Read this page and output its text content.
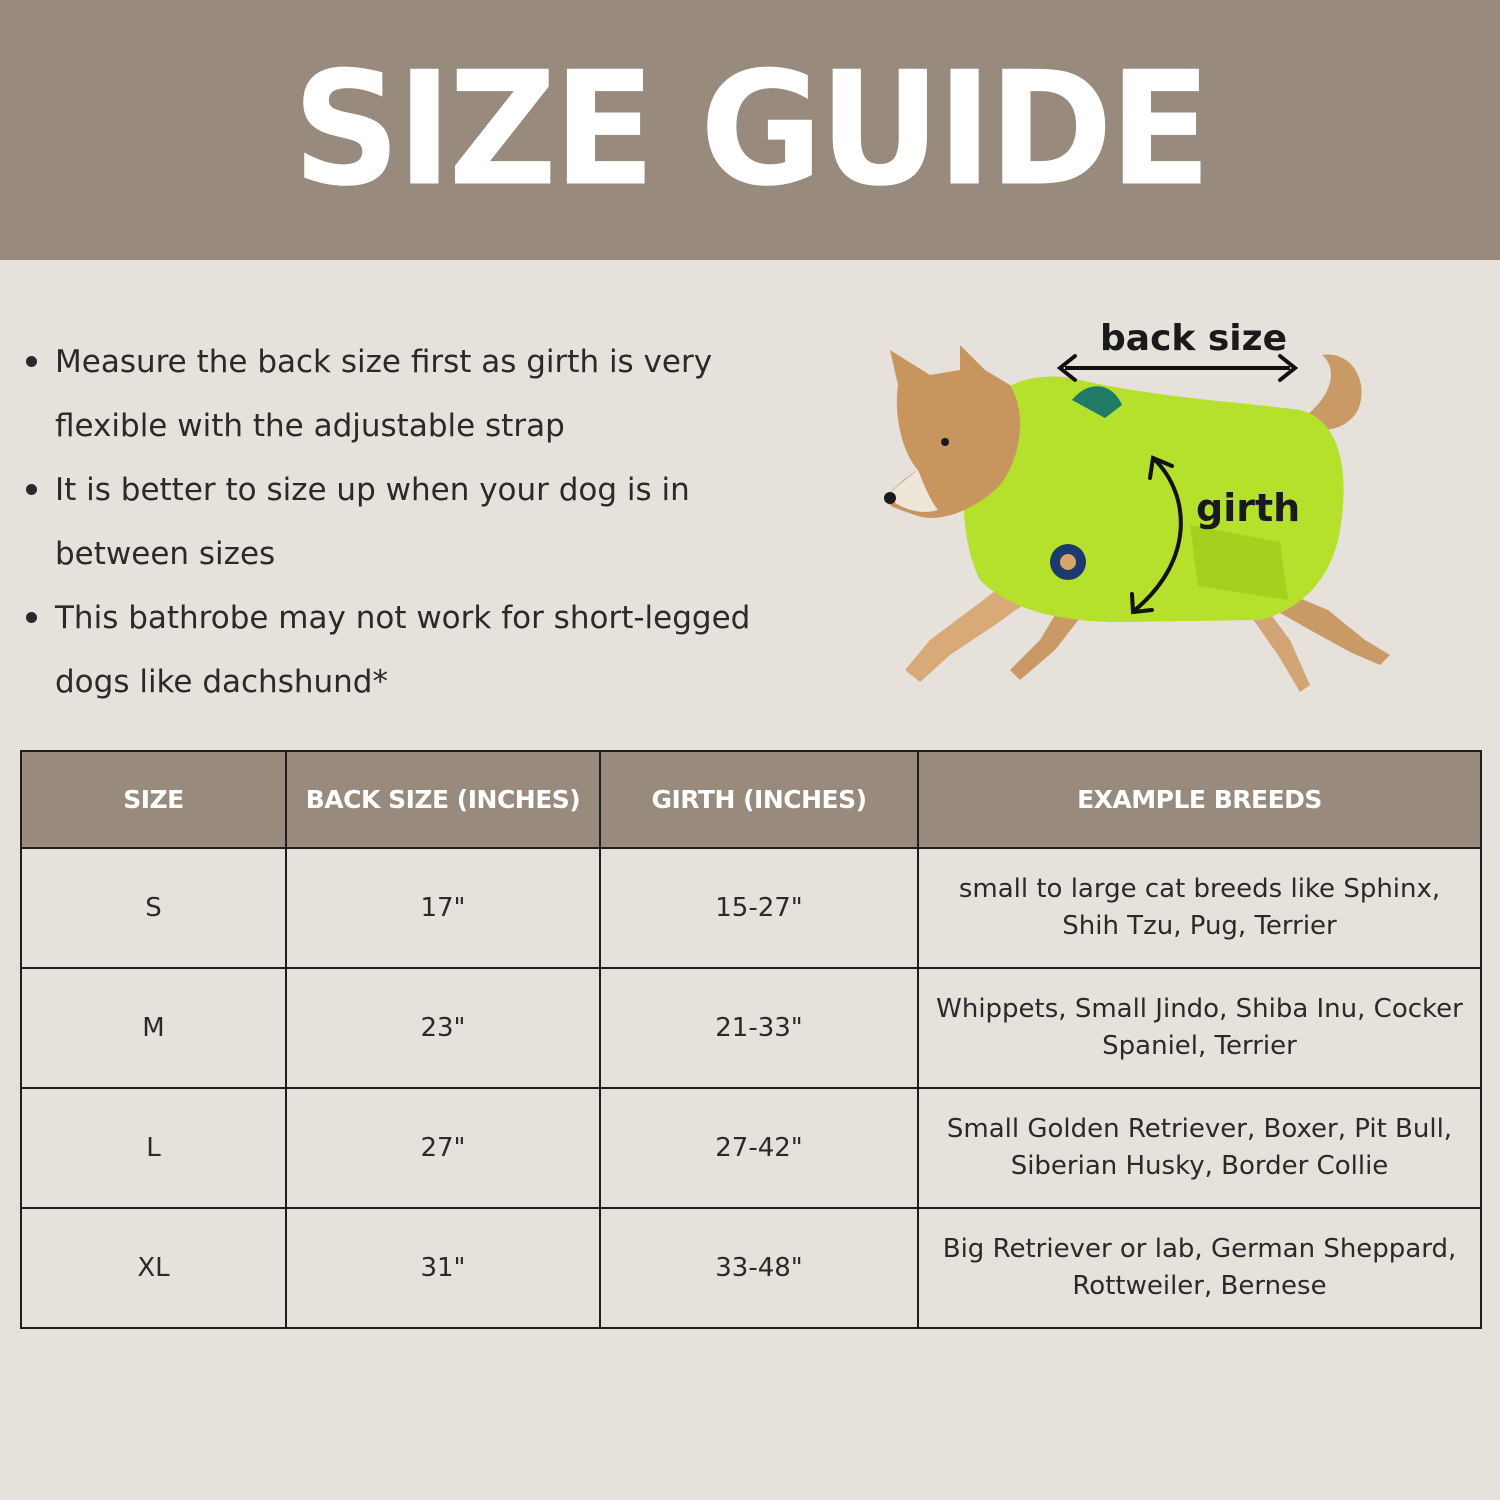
SIZE GUIDE
Measure the back size first as girth is very flexible with the adjustable strap
It is better to size up when your dog is in between sizes
This bathrobe may not work for short-legged dogs like dachshund*
back size
girth
SIZE	BACK SIZE (INCHES)	GIRTH (INCHES)	EXAMPLE BREEDS
S	17"	15-27"	small to large cat breeds like Sphinx, Shih Tzu, Pug, Terrier
M	23"	21-33"	Whippets, Small Jindo, Shiba Inu, Cocker Spaniel, Terrier
L	27"	27-42"	Small Golden Retriever, Boxer, Pit Bull, Siberian Husky, Border Collie
XL	31"	33-48"	Big Retriever or lab, German Sheppard, Rottweiler, Bernese
